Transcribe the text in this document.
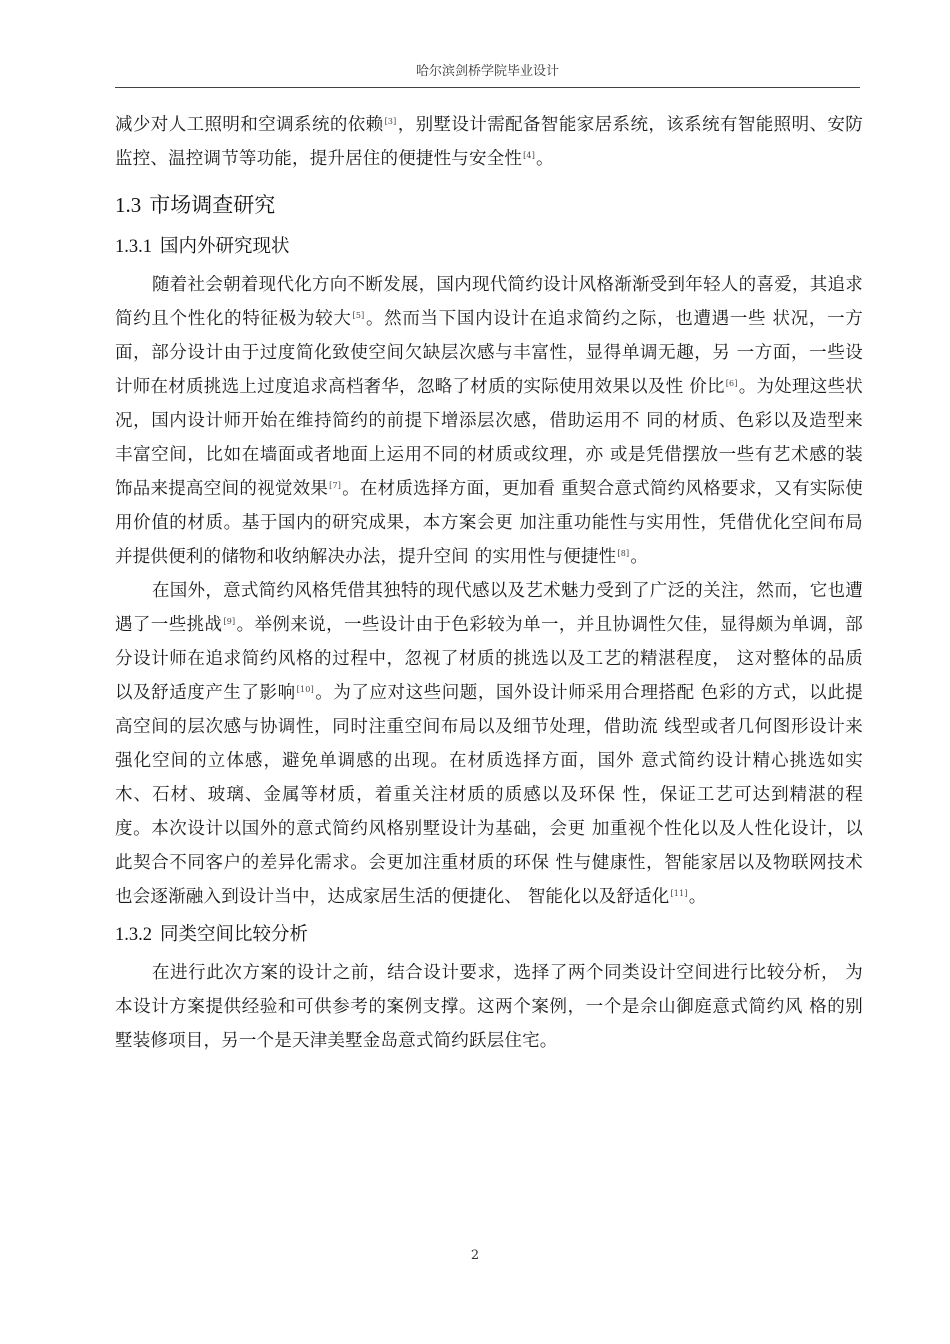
哈尔滨剑桥学院毕业设计

减少对人工照明和空调系统的依赖[3]，别墅设计需配备智能家居系统，该系统有智能照明、安防监控、温控调节等功能，提升居住的便捷性与安全性[4]。

1.3 市场调查研究
1.3.1 国内外研究现状

随着社会朝着现代化方向不断发展，国内现代简约设计风格渐渐受到年轻人的喜爱，其追求简约且个性化的特征极为较大[5]。然而当下国内设计在追求简约之际，也遭遇一些 状况，一方面，部分设计由于过度简化致使空间欠缺层次感与丰富性，显得单调无趣，另 一方面，一些设计师在材质挑选上过度追求高档奢华，忽略了材质的实际使用效果以及性 价比[6]。为处理这些状况，国内设计师开始在维持简约的前提下增添层次感，借助运用不 同的材质、色彩以及造型来丰富空间，比如在墙面或者地面上运用不同的材质或纹理，亦 或是凭借摆放一些有艺术感的装饰品来提高空间的视觉效果[7]。在材质选择方面，更加看 重契合意式简约风格要求，又有实际使用价值的材质。基于国内的研究成果，本方案会更 加注重功能性与实用性，凭借优化空间布局并提供便利的储物和收纳解决办法，提升空间 的实用性与便捷性[8]。

在国外，意式简约风格凭借其独特的现代感以及艺术魅力受到了广泛的关注，然而，它也遭遇了一些挑战[9]。举例来说，一些设计由于色彩较为单一，并且协调性欠佳，显得颇为单调，部分设计师在追求简约风格的过程中，忽视了材质的挑选以及工艺的精湛程度， 这对整体的品质以及舒适度产生了影响[10]。为了应对这些问题，国外设计师采用合理搭配 色彩的方式，以此提高空间的层次感与协调性，同时注重空间布局以及细节处理，借助流 线型或者几何图形设计来强化空间的立体感，避免单调感的出现。在材质选择方面，国外 意式简约设计精心挑选如实木、石材、玻璃、金属等材质，着重关注材质的质感以及环保 性，保证工艺可达到精湛的程度。本次设计以国外的意式简约风格别墅设计为基础，会更 加重视个性化以及人性化设计，以此契合不同客户的差异化需求。会更加注重材质的环保 性与健康性，智能家居以及物联网技术也会逐渐融入到设计当中，达成家居生活的便捷化、 智能化以及舒适化[11]。

1.3.2 同类空间比较分析

在进行此次方案的设计之前，结合设计要求，选择了两个同类设计空间进行比较分析， 为本设计方案提供经验和可供参考的案例支撑。这两个案例，一个是佘山御庭意式简约风 格的别墅装修项目，另一个是天津美墅金岛意式简约跃层住宅。

2
